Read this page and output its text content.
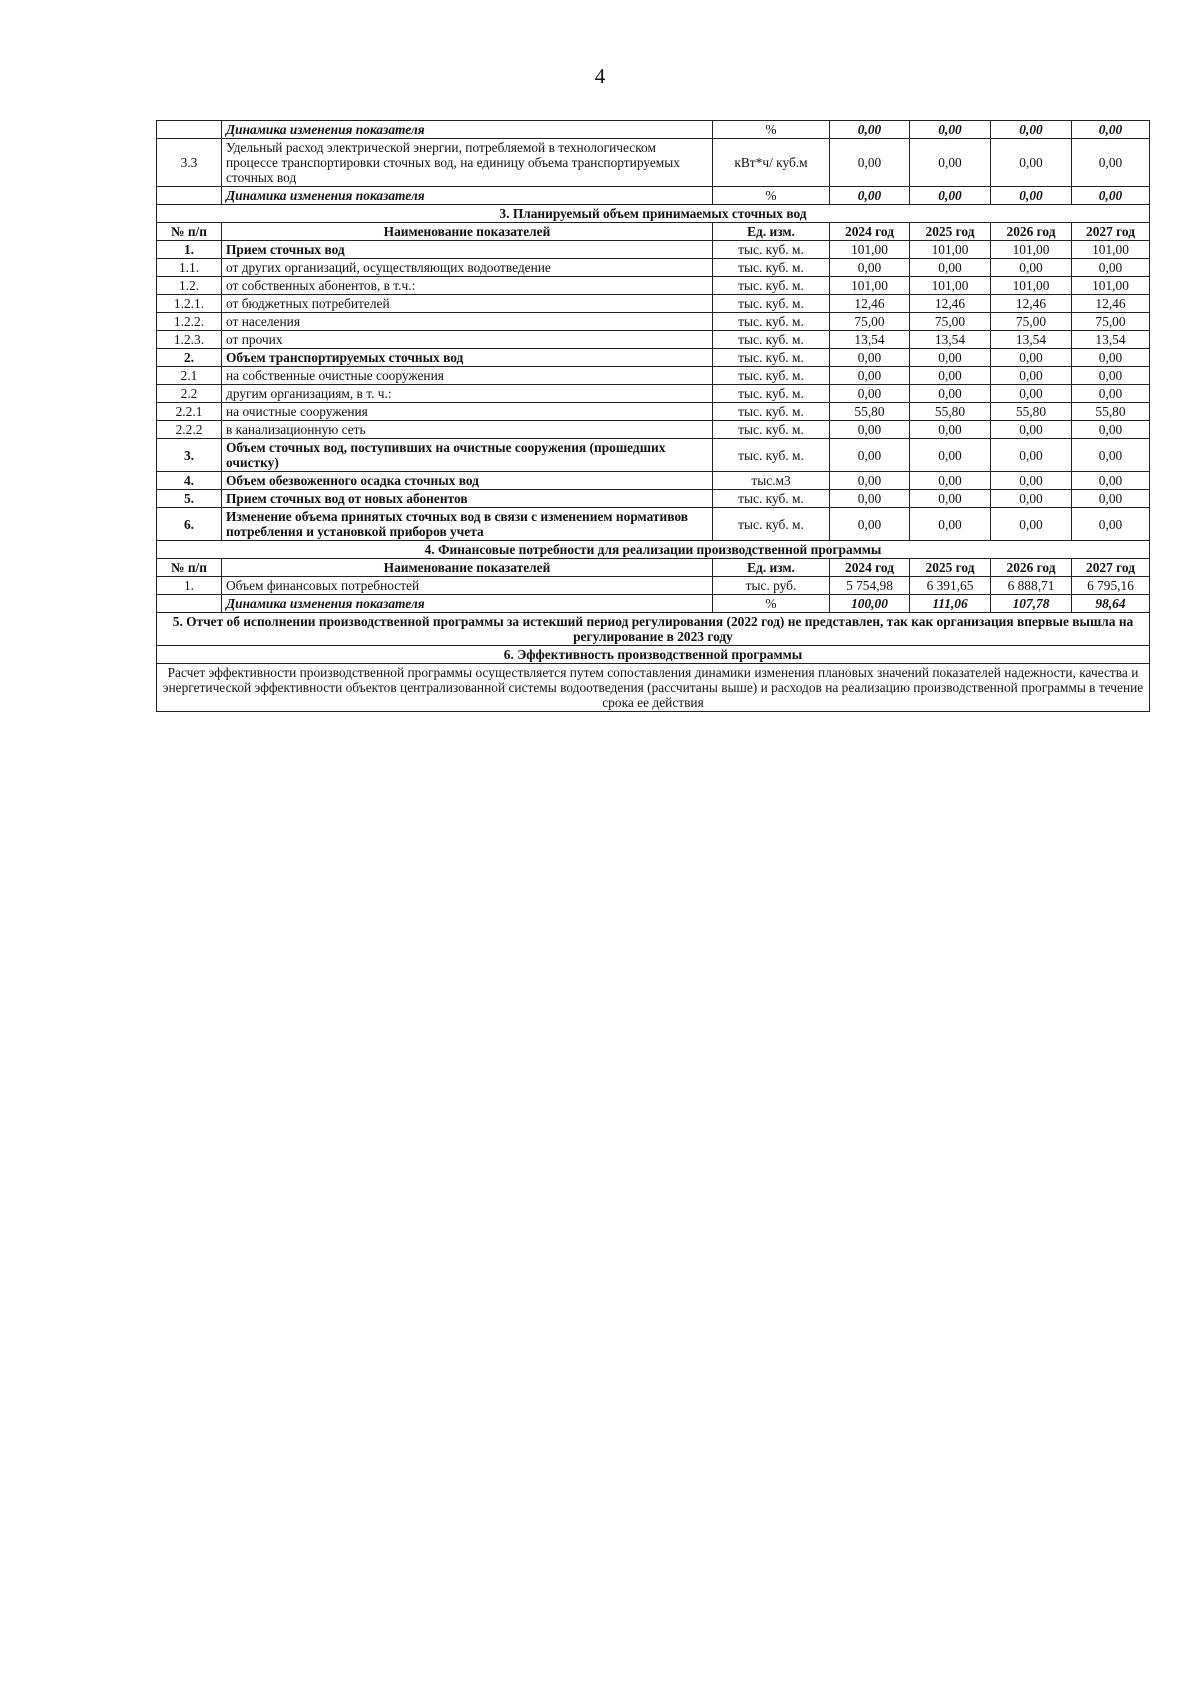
4
	Динамика изменения показателя	%	0,00	0,00	0,00	0,00
3.3	Удельный расход электрической энергии, потребляемой в технологическом процессе транспортировки сточных вод, на единицу объема транспортируемых сточных вод	кВт*ч/ куб.м	0,00	0,00	0,00	0,00
	Динамика изменения показателя	%	0,00	0,00	0,00	0,00
3. Планируемый объем принимаемых сточных вод						
№ п/п	Наименование показателей	Ед. изм.	2024 год	2025 год	2026 год	2027 год
1.	Прием сточных вод	тыс. куб. м.	101,00	101,00	101,00	101,00
1.1.	от других организаций, осуществляющих водоотведение	тыс. куб. м.	0,00	0,00	0,00	0,00
1.2.	от собственных абонентов, в т.ч.:	тыс. куб. м.	101,00	101,00	101,00	101,00
1.2.1.	от бюджетных потребителей	тыс. куб. м.	12,46	12,46	12,46	12,46
1.2.2.	от населения	тыс. куб. м.	75,00	75,00	75,00	75,00
1.2.3.	от прочих	тыс. куб. м.	13,54	13,54	13,54	13,54
2.	Объем транспортируемых сточных вод	тыс. куб. м.	0,00	0,00	0,00	0,00
2.1	на собственные очистные сооружения	тыс. куб. м.	0,00	0,00	0,00	0,00
2.2	другим организациям, в т. ч.:	тыс. куб. м.	0,00	0,00	0,00	0,00
2.2.1	на очистные сооружения	тыс. куб. м.	55,80	55,80	55,80	55,80
2.2.2	в канализационную сеть	тыс. куб. м.	0,00	0,00	0,00	0,00
3.	Объем сточных вод, поступивших на очистные сооружения (прошедших очистку)	тыс. куб. м.	0,00	0,00	0,00	0,00
4.	Объем обезвоженного осадка сточных вод	тыс.м3	0,00	0,00	0,00	0,00
5.	Прием сточных вод от новых абонентов	тыс. куб. м.	0,00	0,00	0,00	0,00
6.	Изменение объема принятых сточных вод в связи с изменением нормативов потребления и установкой приборов учета	тыс. куб. м.	0,00	0,00	0,00	0,00
4. Финансовые потребности для реализации производственной программы						
№ п/п	Наименование показателей	Ед. изм.	2024 год	2025 год	2026 год	2027 год
1.	Объем финансовых потребностей	тыс. руб.	5 754,98	6 391,65	6 888,71	6 795,16
	Динамика изменения показателя	%	100,00	111,06	107,78	98,64
5. Отчет об исполнении производственной программы за истекший период регулирования (2022 год) не представлен, так как организация впервые вышла на регулирование в 2023 году						
6. Эффективность производственной программы						
Расчет эффективности производственной программы осуществляется путем сопоставления динамики изменения плановых значений показателей надежности, качества и энергетической эффективности объектов централизованной системы водоотведения (рассчитаны выше) и расходов на реализацию производственной программы в течение срока ее действия						
